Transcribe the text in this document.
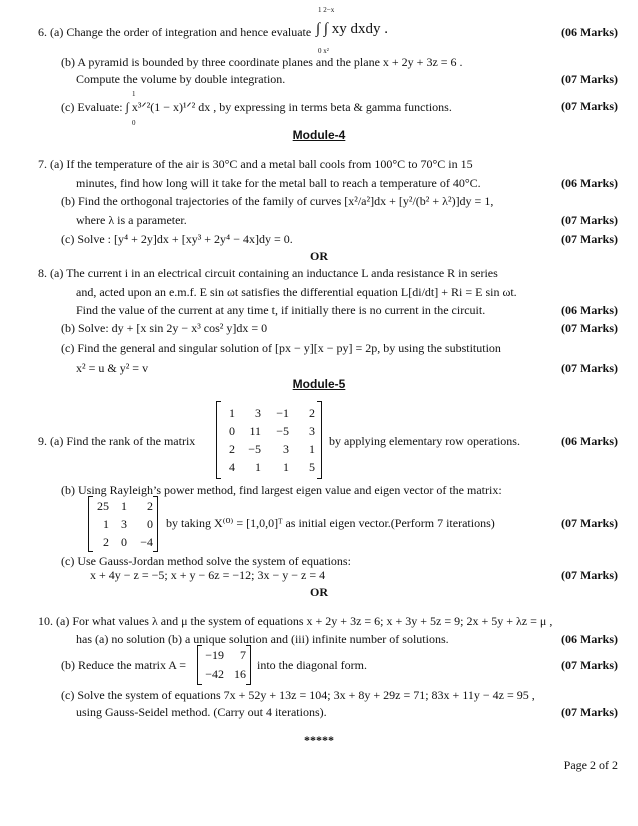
1 2−x
6. (a) Change the order of integration and hence evaluate ∫ ∫ xy dxdy .
0 x²
(06 Marks)
(b) A pyramid is bounded by three coordinate planes and the plane x + 2y + 3z = 6 .
Compute the volume by double integration.	(07 Marks)
1
(c) Evaluate: ∫ x³ᐟ²(1 − x)¹ᐟ² dx , by expressing in terms beta & gamma functions.
0
(07 Marks)
Module-4
7. (a) If the temperature of the air is 30°C and a metal ball cools from 100°C to 70°C in 15
minutes, find how long will it take for the metal ball to reach a temperature of 40°C.	(06 Marks)
(b) Find the orthogonal trajectories of the family of curves [x²/a²]dx + [y²/(b² + λ²)]dy = 1,
where λ is a parameter.	(07 Marks)
(c) Solve : [y⁴ + 2y]dx + [xy³ + 2y⁴ − 4x]dy = 0.	(07 Marks)
OR
8. (a) The current i in an electrical circuit containing an inductance L anda resistance R in series
and, acted upon an e.m.f. E sin ωt satisfies the differential equation L[di/dt] + Ri = E sin ωt.
Find the value of the current at any time t, if initially there is no current in the circuit.	(06 Marks)
(b) Solve: dy + [x sin 2y − x³ cos² y]dx = 0	(07 Marks)
(c) Find the general and singular solution of [px − y][x − py] = 2p, by using the substitution
x² = u & y² = v	(07 Marks)
Module-5
9. (a) Find the rank of the matrix
1	3	−1	2
0	11	−5	3
2	−5	3	1
4	1	1	5
by applying elementary row operations.	(06 Marks)
(b) Using Rayleigh’s power method, find largest eigen value and eigen vector of the matrix:
25	1	2
1	3	0
2	0	−4
by taking X⁽⁰⁾ = [1,0,0]ᵀ as initial eigen vector.(Perform 7 iterations)	(07 Marks)
(c) Use Gauss-Jordan method solve the system of equations:
x + 4y − z = −5; x + y − 6z = −12; 3x − y − z = 4	(07 Marks)
OR
10. (a) For what values λ and μ the system of equations x + 2y + 3z = 6; x + 3y + 5z = 9; 2x + 5y + λz = μ ,
has (a) no solution (b) a unique solution and (iii) infinite number of solutions.	(06 Marks)
(b) Reduce the matrix A =
−19	7
−42 16
into the diagonal form.	(07 Marks)
(c) Solve the system of equations 7x + 52y + 13z = 104; 3x + 8y + 29z = 71; 83x + 11y − 4z = 95 ,
using Gauss-Seidel method. (Carry out 4 iterations).	(07 Marks)
*****
Page 2 of 2
